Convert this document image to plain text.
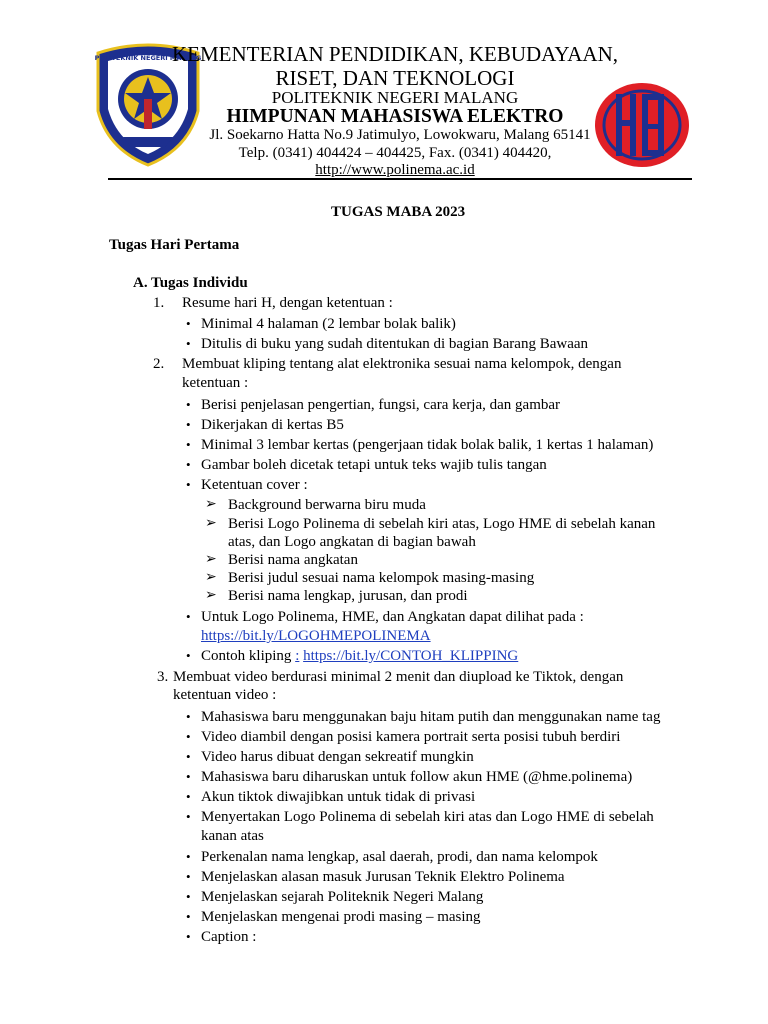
POLITEKNIK NEGERI MALANG
KEMENTERIAN PENDIDIKAN, KEBUDAYAAN,
RISET, DAN TEKNOLOGI
POLITEKNIK NEGERI MALANG
HIMPUNAN MAHASISWA ELEKTRO
Jl. Soekarno Hatta No.9 Jatimulyo, Lowokwaru, Malang 65141
Telp. (0341) 404424 – 404425, Fax. (0341) 404420,
http://www.polinema.ac.id
TUGAS MABA 2023
Tugas Hari Pertama
A. Tugas Individu
1. Resume hari H, dengan ketentuan :
• Minimal 4 halaman (2 lembar bolak balik)
• Ditulis di buku yang sudah ditentukan di bagian Barang Bawaan
2. Membuat kliping tentang alat elektronika sesuai nama kelompok, dengan
ketentuan :
• Berisi penjelasan pengertian, fungsi, cara kerja, dan gambar
• Dikerjakan di kertas B5
• Minimal 3 lembar kertas (pengerjaan tidak bolak balik, 1 kertas 1 halaman)
• Gambar boleh dicetak tetapi untuk teks wajib tulis tangan
• Ketentuan cover :
➢ Background berwarna biru muda
➢ Berisi Logo Polinema di sebelah kiri atas, Logo HME di sebelah kanan
atas, dan Logo angkatan di bagian bawah
➢ Berisi nama angkatan
➢ Berisi judul sesuai nama kelompok masing-masing
➢ Berisi nama lengkap, jurusan, dan prodi
• Untuk Logo Polinema, HME, dan Angkatan dapat dilihat pada :
https://bit.ly/LOGOHMEPOLINEMA
• Contoh kliping : https://bit.ly/CONTOH_KLIPPING
3. Membuat video berdurasi minimal 2 menit dan diupload ke Tiktok, dengan
ketentuan video :
• Mahasiswa baru menggunakan baju hitam putih dan menggunakan name tag
• Video diambil dengan posisi kamera portrait serta posisi tubuh berdiri
• Video harus dibuat dengan sekreatif mungkin
• Mahasiswa baru diharuskan untuk follow akun HME (@hme.polinema)
• Akun tiktok diwajibkan untuk tidak di privasi
• Menyertakan Logo Polinema di sebelah kiri atas dan Logo HME di sebelah
kanan atas
• Perkenalan nama lengkap, asal daerah, prodi, dan nama kelompok
• Menjelaskan alasan masuk Jurusan Teknik Elektro Polinema
• Menjelaskan sejarah Politeknik Negeri Malang
• Menjelaskan mengenai prodi masing – masing
• Caption :
